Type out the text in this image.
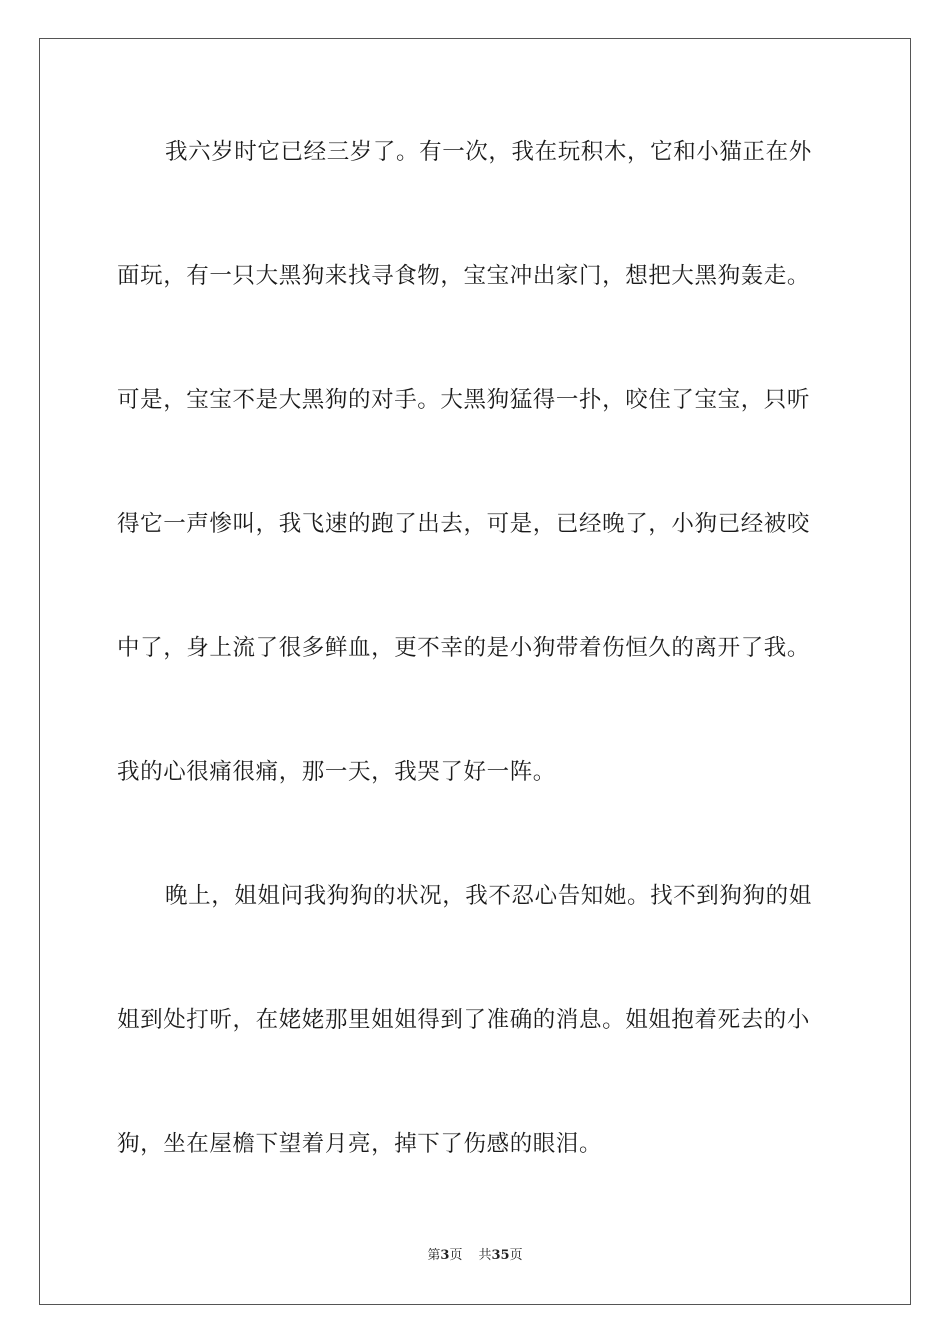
我六岁时它已经三岁了。有一次，我在玩积木，它和小猫正在外
面玩，有一只大黑狗来找寻食物，宝宝冲出家门，想把大黑狗轰走。
可是，宝宝不是大黑狗的对手。大黑狗猛得一扑，咬住了宝宝，只听
得它一声惨叫，我飞速的跑了出去，可是，已经晚了，小狗已经被咬
中了，身上流了很多鲜血，更不幸的是小狗带着伤恒久的离开了我。
我的心很痛很痛，那一天，我哭了好一阵。
晚上，姐姐问我狗狗的状况，我不忍心告知她。找不到狗狗的姐
姐到处打听，在姥姥那里姐姐得到了准确的消息。姐姐抱着死去的小
狗，坐在屋檐下望着月亮，掉下了伤感的眼泪。
第3页 共35页
